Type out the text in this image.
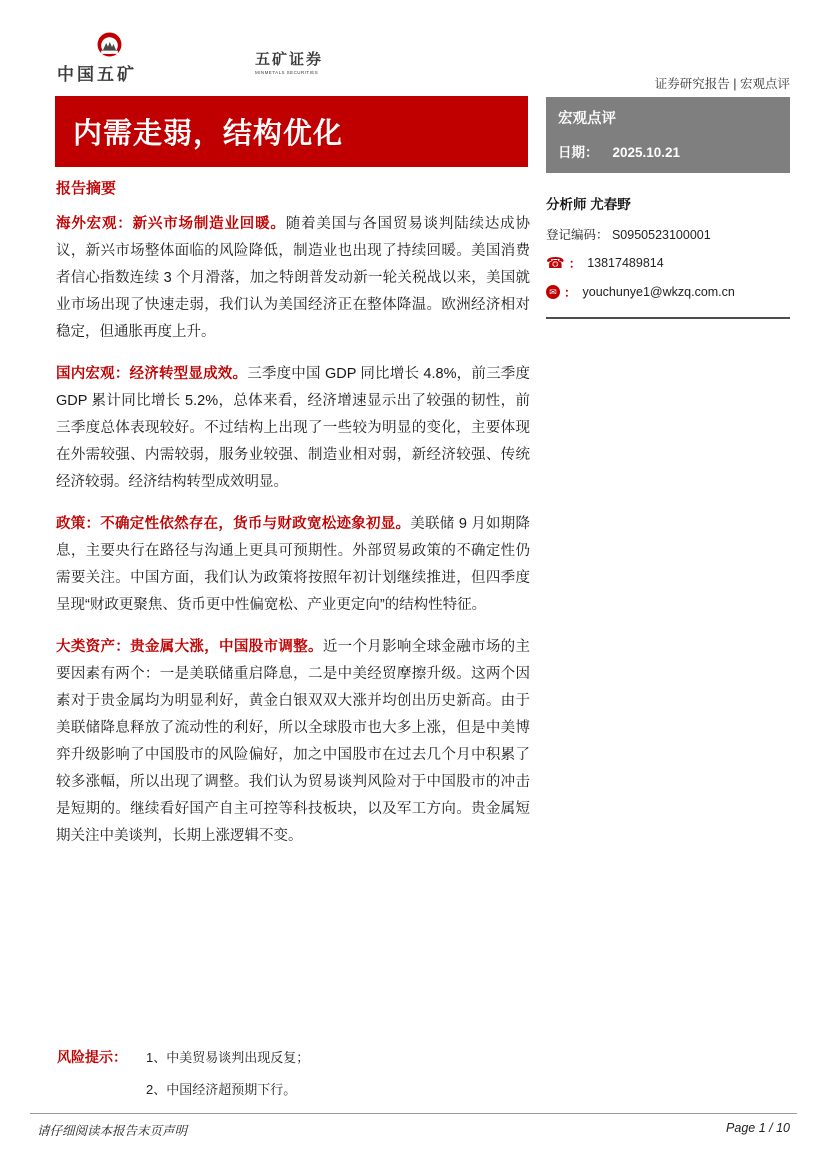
中国五矿
五矿证券
MINMETALS SECURITIES
证券研究报告 | 宏观点评
内需走弱，结构优化	宏观点评
日期： 2025.10.21
分析师 尤春野
登记编码： S0950523100001
☎ ： 13817489814
✉ ： youchunye1@wkzq.com.cn
报告摘要

海外宏观：新兴市场制造业回暖。随着美国与各国贸易谈判陆续达成协议，新兴市场整体面临的风险降低，制造业也出现了持续回暖。美国消费者信心指数连续 3 个月滑落，加之特朗普发动新一轮关税战以来，美国就业市场出现了快速走弱，我们认为美国经济正在整体降温。欧洲经济相对稳定，但通胀再度上升。

国内宏观：经济转型显成效。三季度中国 GDP 同比增长 4.8%，前三季度 GDP 累计同比增长 5.2%，总体来看，经济增速显示出了较强的韧性，前三季度总体表现较好。不过结构上出现了一些较为明显的变化，主要体现在外需较强、内需较弱，服务业较强、制造业相对弱，新经济较强、传统经济较弱。经济结构转型成效明显。

政策：不确定性依然存在，货币与财政宽松迹象初显。美联储 9 月如期降息，主要央行在路径与沟通上更具可预期性。外部贸易政策的不确定性仍需要关注。中国方面，我们认为政策将按照年初计划继续推进，但四季度呈现“财政更聚焦、货币更中性偏宽松、产业更定向”的结构性特征。

大类资产：贵金属大涨，中国股市调整。近一个月影响全球金融市场的主要因素有两个：一是美联储重启降息，二是中美经贸摩擦升级。这两个因素对于贵金属均为明显利好，黄金白银双双大涨并均创出历史新高。由于美联储降息释放了流动性的利好，所以全球股市也大多上涨，但是中美博弈升级影响了中国股市的风险偏好，加之中国股市在过去几个月中积累了较多涨幅，所以出现了调整。我们认为贸易谈判风险对于中国股市的冲击是短期的。继续看好国产自主可控等科技板块，以及军工方向。贵金属短期关注中美谈判，长期上涨逻辑不变。

风险提示：	1、中美贸易谈判出现反复；
2、中国经济超预期下行。
请仔细阅读本报告末页声明	Page 1 / 10
